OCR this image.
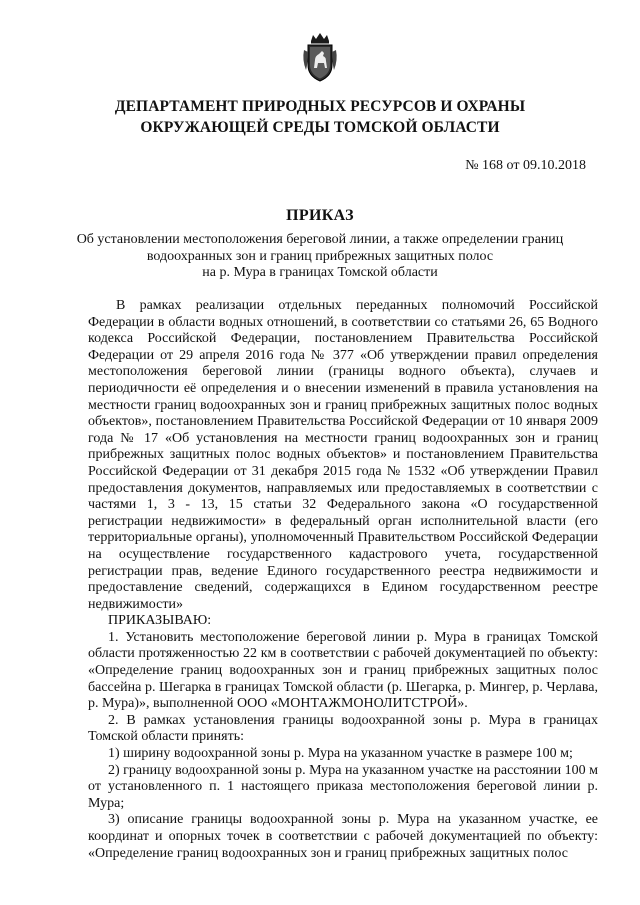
ДЕПАРТАМЕНТ ПРИРОДНЫХ РЕСУРСОВ И ОХРАНЫ
ОКРУЖАЮЩЕЙ СРЕДЫ ТОМСКОЙ ОБЛАСТИ
№ 168 от 09.10.2018
ПРИКАЗ
Об установлении местоположения береговой линии, а также определении границ
водоохранных зон и границ прибрежных защитных полос
на р. Мура в границах Томской области

В рамках реализации отдельных переданных полномочий Российской Федерации в области водных отношений, в соответствии со статьями 26, 65 Водного кодекса Российской Федерации, постановлением Правительства Российской Федерации от 29 апреля 2016 года № 377 «Об утверждении правил определения местоположения береговой линии (границы водного объекта), случаев и периодичности её определения и о внесении изменений в правила установления на местности границ водоохранных зон и границ прибрежных защитных полос водных объектов», постановлением Правительства Российской Федерации от 10 января 2009 года № 17 «Об установления на местности границ водоохранных зон и границ прибрежных защитных полос водных объектов» и постановлением Правительства Российской Федерации от 31 декабря 2015 года № 1532 «Об утверждении Правил предоставления документов, направляемых или предоставляемых в соответствии с частями 1, 3 - 13, 15 статьи 32 Федерального закона «О государственной регистрации недвижимости» в федеральный орган исполнительной власти (его территориальные органы), уполномоченный Правительством Российской Федерации на осуществление государственного кадастрового учета, государственной регистрации прав, ведение Единого государственного реестра недвижимости и предоставление сведений, содержащихся в Едином государственном реестре недвижимости»

ПРИКАЗЫВАЮ:

1. Установить местоположение береговой линии р. Мура в границах Томской области протяженностью 22 км в соответствии с рабочей документацией по объекту: «Определение границ водоохранных зон и границ прибрежных защитных полос бассейна р. Шегарка в границах Томской области (р. Шегарка, р. Мингер, р. Черлава, р. Мура)», выполненной ООО «МОНТАЖМОНОЛИТСТРОЙ».

2. В рамках установления границы водоохранной зоны р. Мура в границах Томской области принять:

1) ширину водоохранной зоны р. Мура на указанном участке в размере 100 м;

2) границу водоохранной зоны р. Мура на указанном участке на расстоянии 100 м от установленного п. 1 настоящего приказа местоположения береговой линии р. Мура;

3) описание границы водоохранной зоны р. Мура на указанном участке, ее координат и опорных точек в соответствии с рабочей документацией по объекту: «Определение границ водоохранных зон и границ прибрежных защитных полос
